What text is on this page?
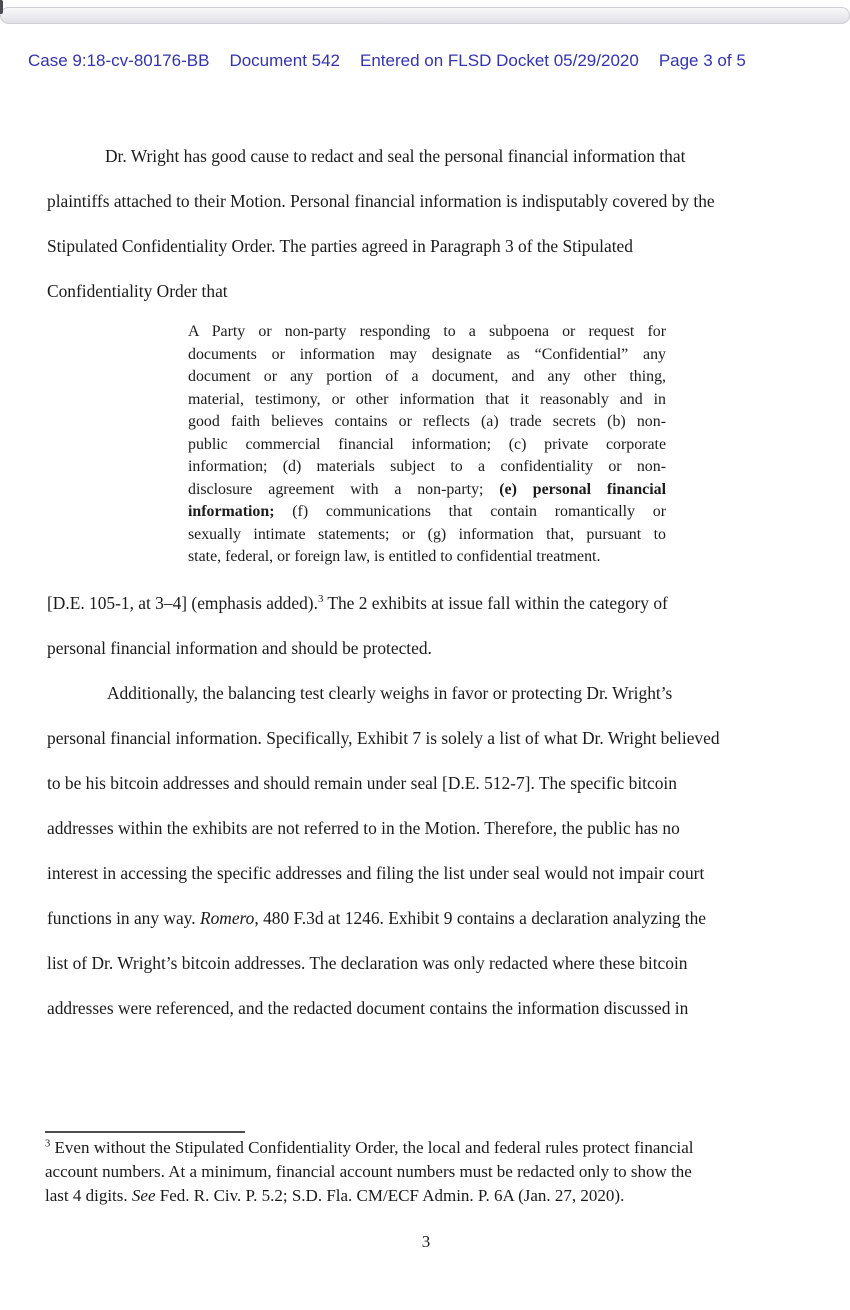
Case 9:18-cv-80176-BB Document 542 Entered on FLSD Docket 05/29/2020 Page 3 of 5
Dr. Wright has good cause to redact and seal the personal financial information that
plaintiffs attached to their Motion. Personal financial information is indisputably covered by the
Stipulated Confidentiality Order. The parties agreed in Paragraph 3 of the Stipulated
Confidentiality Order that
A Party or non-party responding to a subpoena or request for
documents or information may designate as “Confidential” any
document or any portion of a document, and any other thing,
material, testimony, or other information that it reasonably and in
good faith believes contains or reflects (a) trade secrets (b) non-
public commercial financial information; (c) private corporate
information; (d) materials subject to a confidentiality or non-
disclosure agreement with a non-party; (e) personal financial
information; (f) communications that contain romantically or
sexually intimate statements; or (g) information that, pursuant to
state, federal, or foreign law, is entitled to confidential treatment.
[D.E. 105-1, at 3–4] (emphasis added).$^3$ The 2 exhibits at issue fall within the category of
personal financial information and should be protected.
Additionally, the balancing test clearly weighs in favor or protecting Dr. Wright’s
personal financial information. Specifically, Exhibit 7 is solely a list of what Dr. Wright believed
to be his bitcoin addresses and should remain under seal [D.E. 512-7]. The specific bitcoin
addresses within the exhibits are not referred to in the Motion. Therefore, the public has no
interest in accessing the specific addresses and filing the list under seal would not impair court
functions in any way. Romero, 480 F.3d at 1246. Exhibit 9 contains a declaration analyzing the
list of Dr. Wright’s bitcoin addresses. The declaration was only redacted where these bitcoin
addresses were referenced, and the redacted document contains the information discussed in
$^3$ Even without the Stipulated Confidentiality Order, the local and federal rules protect financial
account numbers. At a minimum, financial account numbers must be redacted only to show the
last 4 digits. See Fed. R. Civ. P. 5.2; S.D. Fla. CM/ECF Admin. P. 6A (Jan. 27, 2020).
3
